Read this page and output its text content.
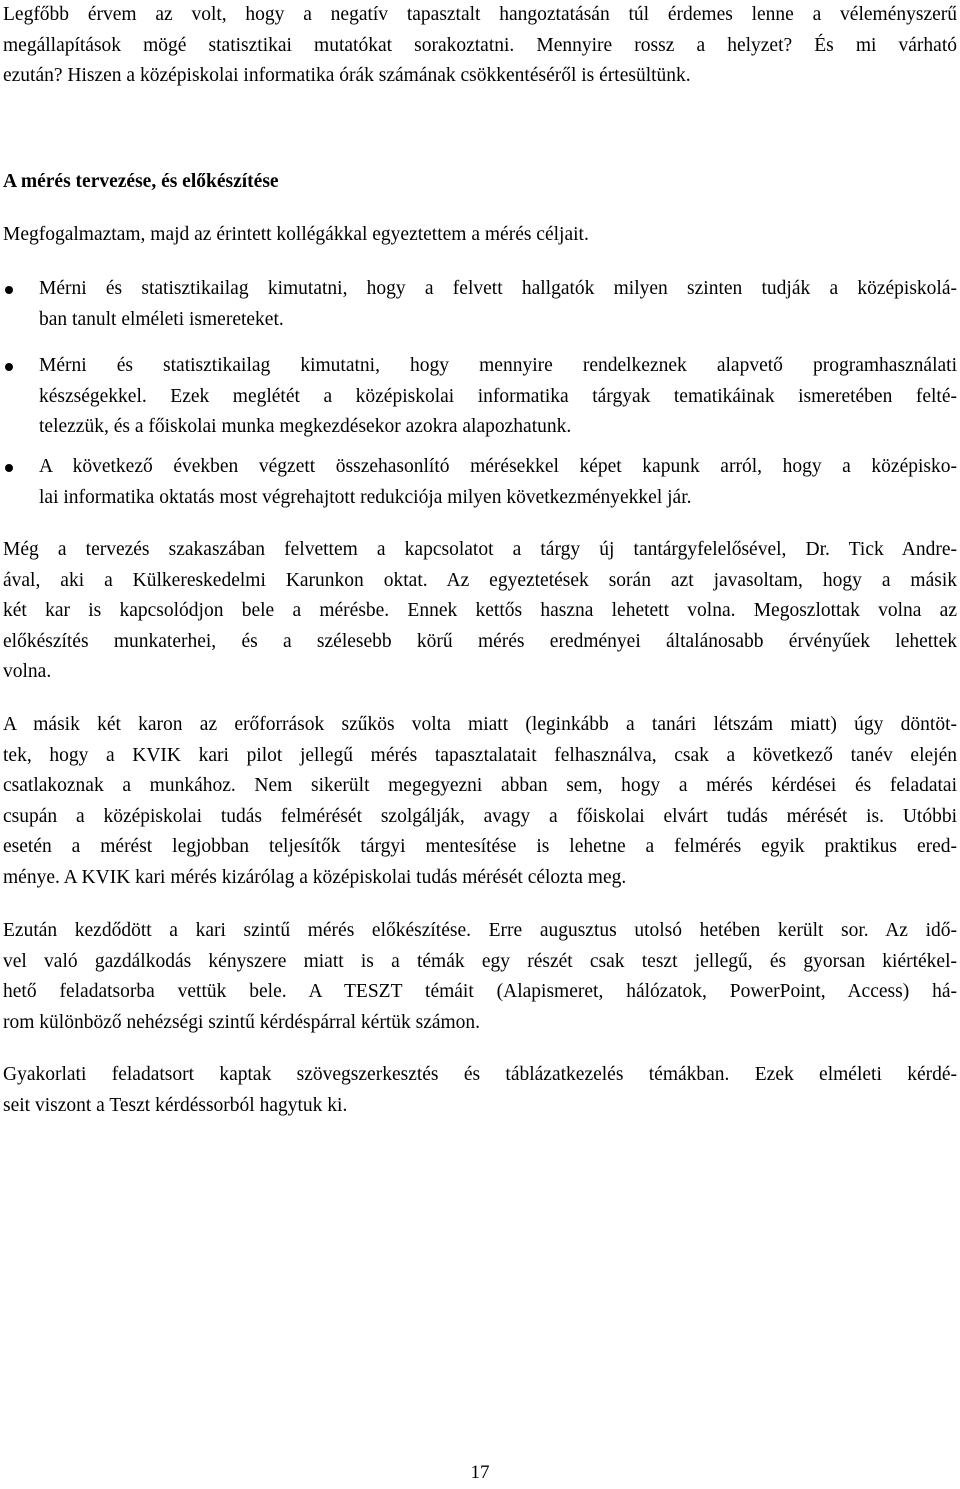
Legfőbb érvem az volt, hogy a negatív tapasztalt hangoztatásán túl érdemes lenne a véleményszerű
megállapítások mögé statisztikai mutatókat sorakoztatni. Mennyire rossz a helyzet? És mi várható
ezután? Hiszen a középiskolai informatika órák számának csökkentéséről is értesültünk.
A mérés tervezése, és előkészítése
Megfogalmaztam, majd az érintett kollégákkal egyeztettem a mérés céljait.
Mérni és statisztikailag kimutatni, hogy a felvett hallgatók milyen szinten tudják a középiskolá-
ban tanult elméleti ismereteket.
Mérni és statisztikailag kimutatni, hogy mennyire rendelkeznek alapvető programhasználati
készségekkel. Ezek meglétét a középiskolai informatika tárgyak tematikáinak ismeretében felté-
telezzük, és a főiskolai munka megkezdésekor azokra alapozhatunk.
A következő években végzett összehasonlító mérésekkel képet kapunk arról, hogy a középisko-
lai informatika oktatás most végrehajtott redukciója milyen következményekkel jár.
Még a tervezés szakaszában felvettem a kapcsolatot a tárgy új tantárgyfelelősével, Dr. Tick Andre-
ával, aki a Külkereskedelmi Karunkon oktat. Az egyeztetések során azt javasoltam, hogy a másik
két kar is kapcsolódjon bele a mérésbe. Ennek kettős haszna lehetett volna. Megoszlottak volna az
előkészítés munkaterhei, és a szélesebb körű mérés eredményei általánosabb érvényűek lehettek
volna.
A másik két karon az erőforrások szűkös volta miatt (leginkább a tanári létszám miatt) úgy döntöt-
tek, hogy a KVIK kari pilot jellegű mérés tapasztalatait felhasználva, csak a következő tanév elején
csatlakoznak a munkához. Nem sikerült megegyezni abban sem, hogy a mérés kérdései és feladatai
csupán a középiskolai tudás felmérését szolgálják, avagy a főiskolai elvárt tudás mérését is. Utóbbi
esetén a mérést legjobban teljesítők tárgyi mentesítése is lehetne a felmérés egyik praktikus ered-
ménye. A KVIK kari mérés kizárólag a középiskolai tudás mérését célozta meg.
Ezután kezdődött a kari szintű mérés előkészítése. Erre augusztus utolsó hetében került sor. Az idő-
vel való gazdálkodás kényszere miatt is a témák egy részét csak teszt jellegű, és gyorsan kiértékel-
hető feladatsorba vettük bele. A TESZT témáit (Alapismeret, hálózatok, PowerPoint, Access) há-
rom különböző nehézségi szintű kérdéspárral kértük számon.
Gyakorlati feladatsort kaptak szövegszerkesztés és táblázatkezelés témákban. Ezek elméleti kérdé-
seit viszont a Teszt kérdéssorból hagytuk ki.
17
